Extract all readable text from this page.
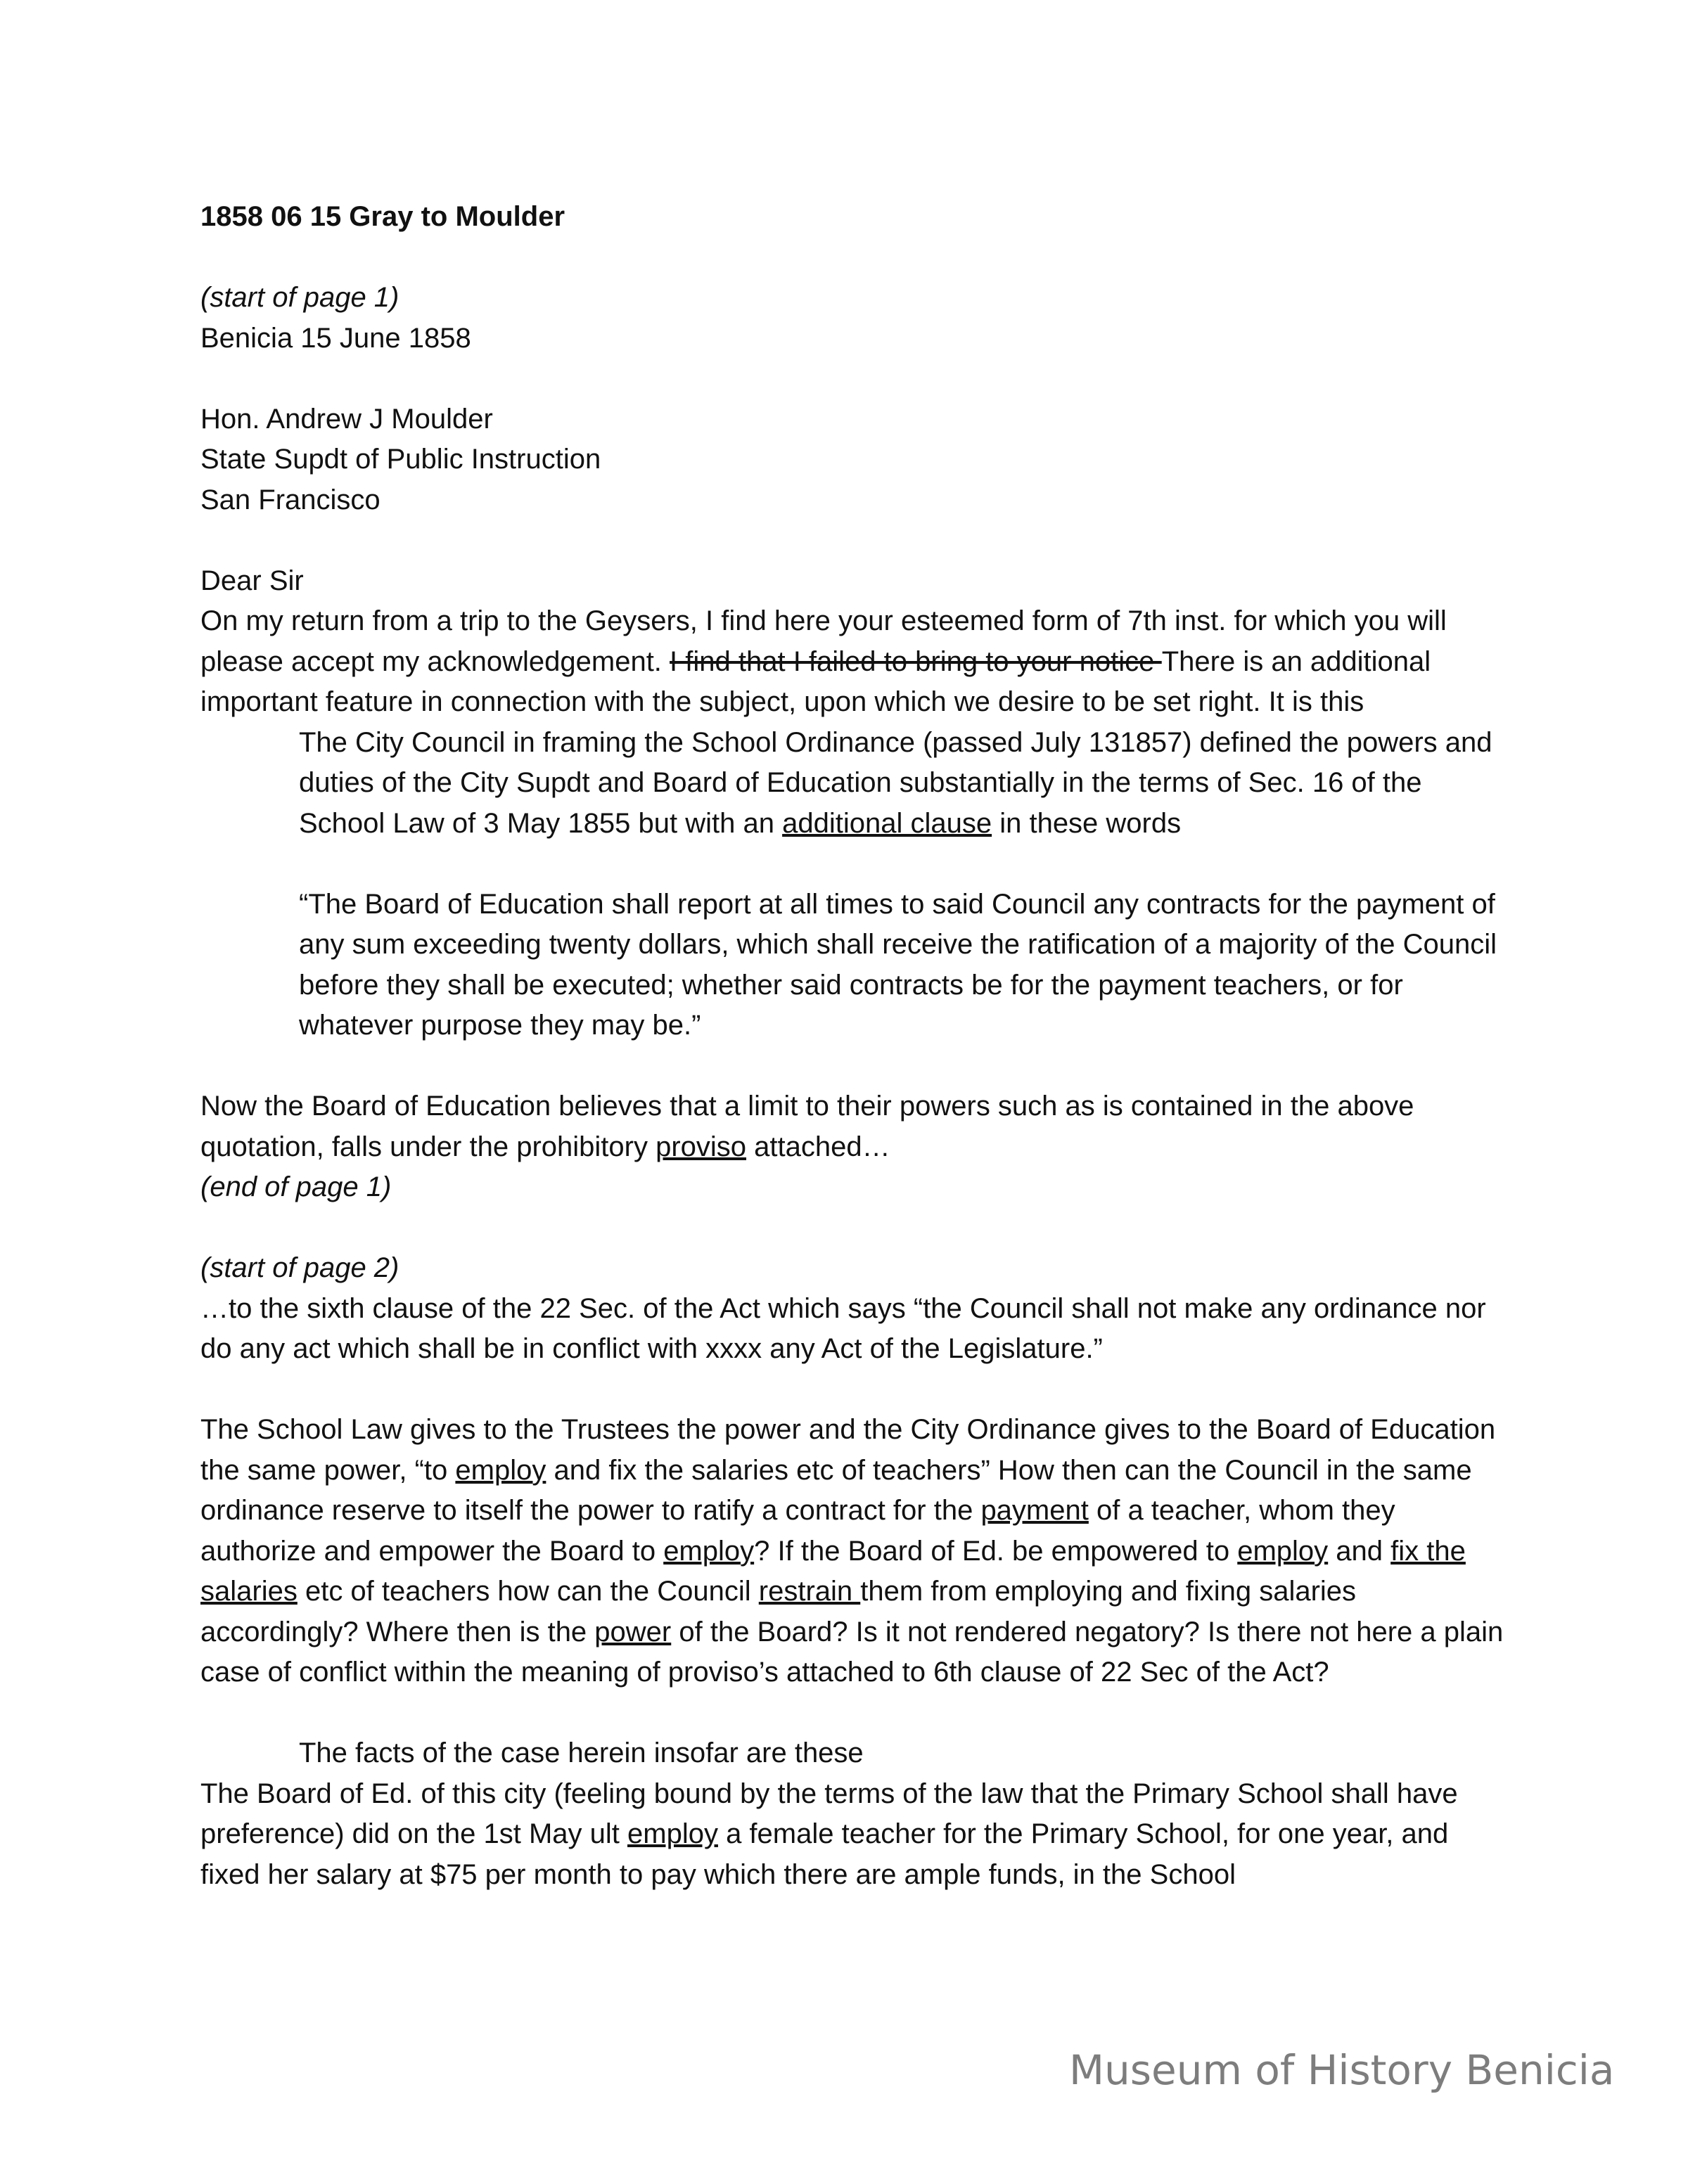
1858 06 15 Gray to Moulder

(start of page 1)

Benicia 15 June 1858

Hon. Andrew J Moulder

State Supdt of Public Instruction

San Francisco

Dear Sir

On my return from a trip to the Geysers, I find here your esteemed form of 7th inst. for which you will please accept my acknowledgement. I find that I failed to bring to your notice There is an additional important feature in connection with the subject, upon which we desire to be set right. It is this

The City Council in framing the School Ordinance (passed July 131857) defined the powers and duties of the City Supdt and Board of Education substantially in the terms of Sec. 16 of the School Law of 3 May 1855 but with an additional clause in these words

“The Board of Education shall report at all times to said Council any contracts for the payment of any sum exceeding twenty dollars, which shall receive the ratification of a majority of the Council before they shall be executed; whether said contracts be for the payment teachers, or for whatever purpose they may be.”

Now the Board of Education believes that a limit to their powers such as is contained in the above quotation, falls under the prohibitory proviso attached…

(end of page 1)

(start of page 2)

…to the sixth clause of the 22 Sec. of the Act which says “the Council shall not make any ordinance nor do any act which shall be in conflict with xxxx any Act of the Legislature.”

The School Law gives to the Trustees the power and the City Ordinance gives to the Board of Education the same power, “to employ and fix the salaries etc of teachers” How then can the Council in the same ordinance reserve to itself the power to ratify a contract for the payment of a teacher, whom they authorize and empower the Board to employ? If the Board of Ed. be empowered to employ and fix the salaries etc of teachers how can the Council restrain them from employing and fixing salaries accordingly? Where then is the power of the Board? Is it not rendered negatory? Is there not here a plain case of conflict within the meaning of proviso’s attached to 6th clause of 22 Sec of the Act?

The facts of the case herein insofar are these

The Board of Ed. of this city (feeling bound by the terms of the law that the Primary School shall have preference) did on the 1st May ult employ a female teacher for the Primary School, for one year, and fixed her salary at $75 per month to pay which there are ample funds, in the School

Museum of History Benicia
